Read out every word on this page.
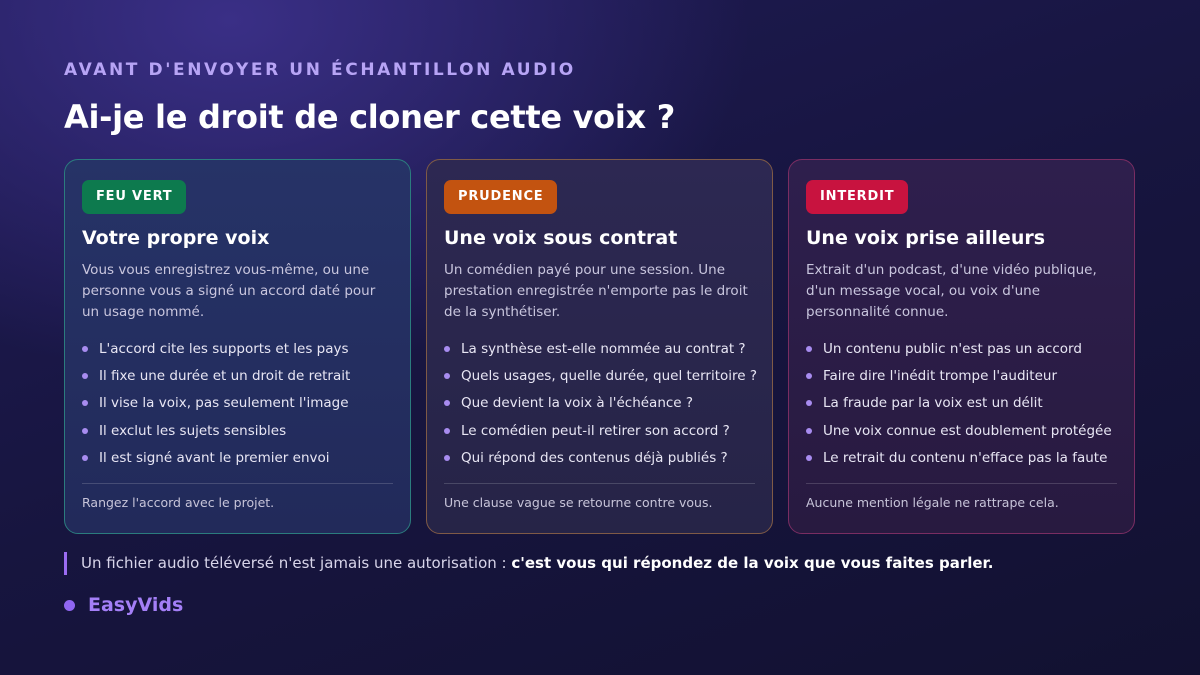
AVANT D'ENVOYER UN ÉCHANTILLON AUDIO
Ai-je le droit de cloner cette voix ?
FEU VERT
Votre propre voix

Vous vous enregistrez vous-même, ou une personne vous a signé un accord daté pour un usage nommé.

L'accord cite les supports et les pays
Il fixe une durée et un droit de retrait
Il vise la voix, pas seulement l'image
Il exclut les sujets sensibles
Il est signé avant le premier envoi

Rangez l'accord avec le projet.

PRUDENCE
Une voix sous contrat

Un comédien payé pour une session. Une prestation enregistrée n'emporte pas le droit de la synthétiser.

La synthèse est-elle nommée au contrat ?
Quels usages, quelle durée, quel territoire ?
Que devient la voix à l'échéance ?
Le comédien peut-il retirer son accord ?
Qui répond des contenus déjà publiés ?

Une clause vague se retourne contre vous.

INTERDIT
Une voix prise ailleurs

Extrait d'un podcast, d'une vidéo publique, d'un message vocal, ou voix d'une personnalité connue.

Un contenu public n'est pas un accord
Faire dire l'inédit trompe l'auditeur
La fraude par la voix est un délit
Une voix connue est doublement protégée
Le retrait du contenu n'efface pas la faute

Aucune mention légale ne rattrape cela.

Un fichier audio téléversé n'est jamais une autorisation : c'est vous qui répondez de la voix que vous faites parler.
EasyVids
